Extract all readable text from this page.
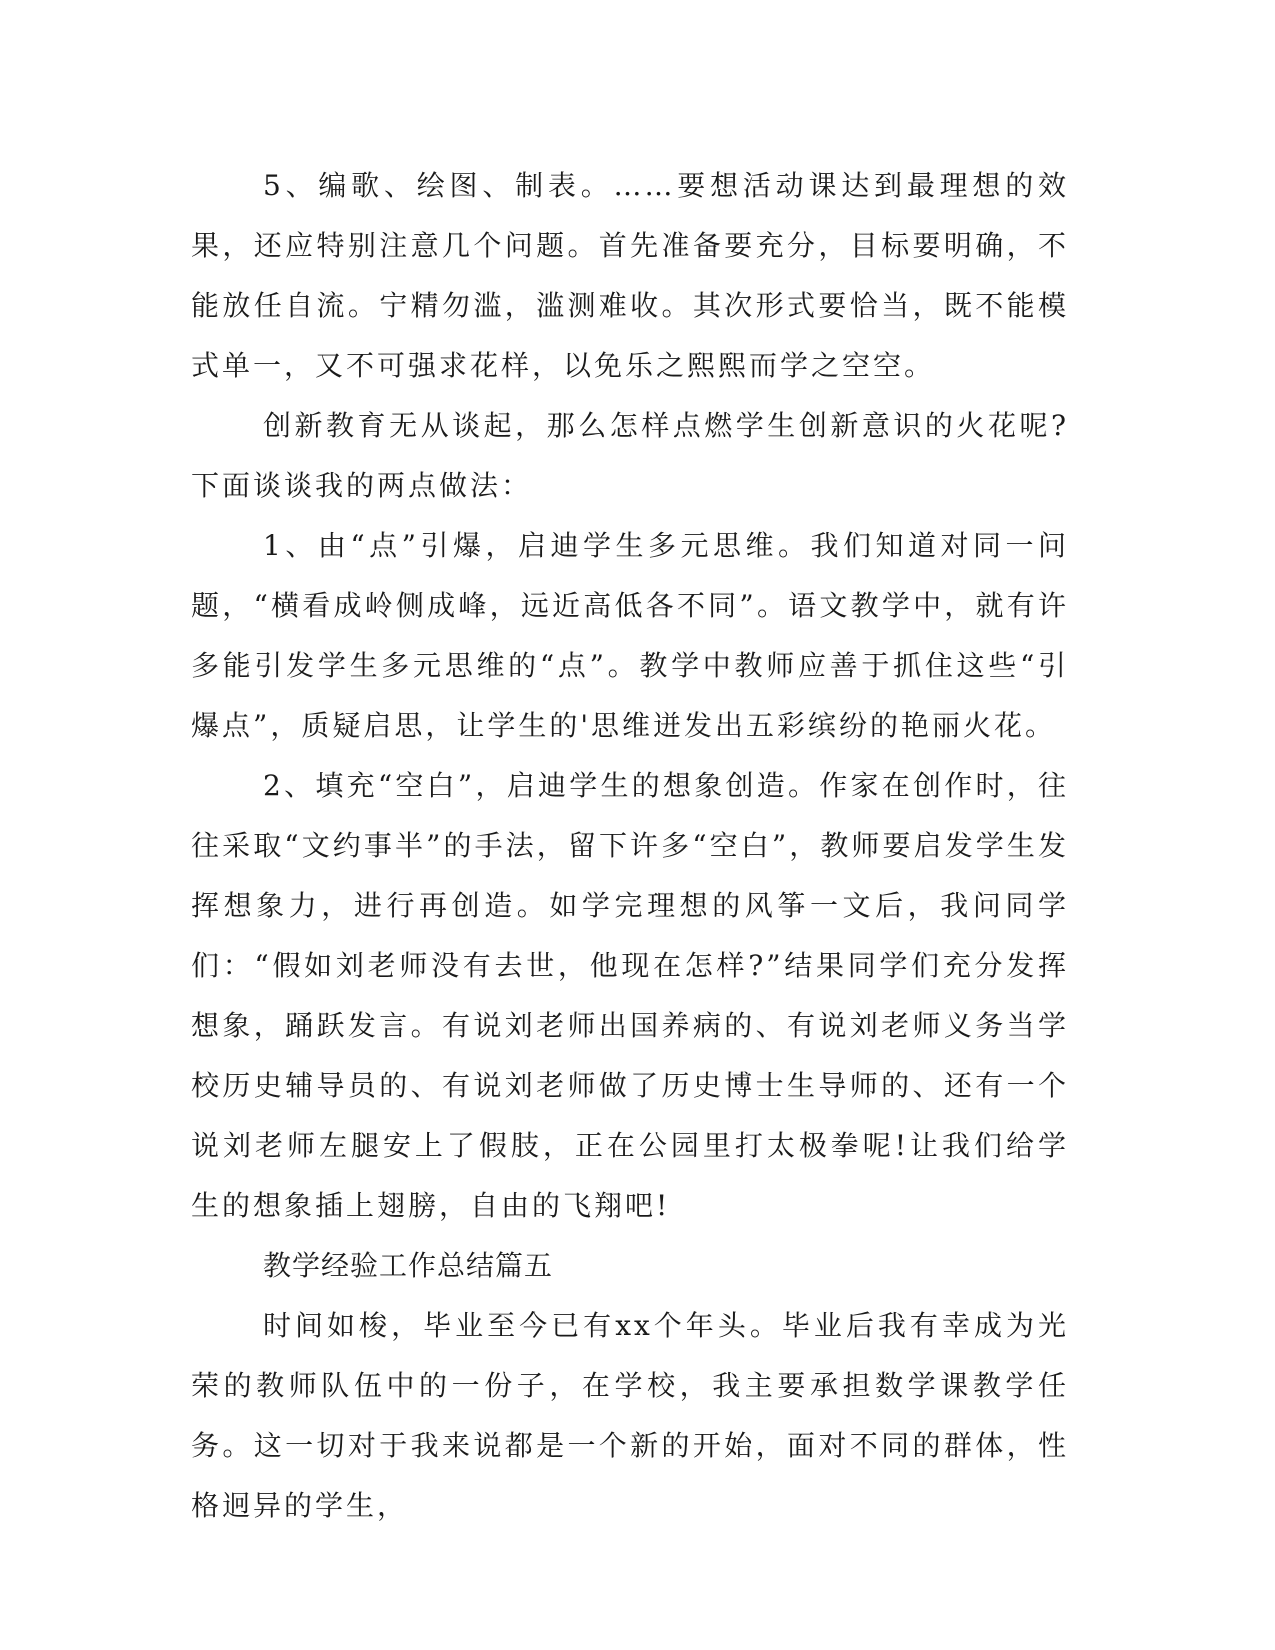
5、编歌、绘图、制表。……要想活动课达到最理想的效果，还应特别注意几个问题。首先准备要充分，目标要明确，不能放任自流。宁精勿滥，滥测难收。其次形式要恰当，既不能模式单一，又不可强求花样，以免乐之熙熙而学之空空。

创新教育无从谈起，那么怎样点燃学生创新意识的火花呢?下面谈谈我的两点做法：

1、由“点”引爆，启迪学生多元思维。我们知道对同一问题，“横看成岭侧成峰，远近高低各不同”。语文教学中，就有许多能引发学生多元思维的“点”。教学中教师应善于抓住这些“引爆点”，质疑启思，让学生的'思维迸发出五彩缤纷的艳丽火花。

2、填充“空白”，启迪学生的想象创造。作家在创作时，往往采取“文约事半”的手法，留下许多“空白”，教师要启发学生发挥想象力，进行再创造。如学完理想的风筝一文后，我问同学们：“假如刘老师没有去世，他现在怎样?”结果同学们充分发挥想象，踊跃发言。有说刘老师出国养病的、有说刘老师义务当学校历史辅导员的、有说刘老师做了历史博士生导师的、还有一个说刘老师左腿安上了假肢，正在公园里打太极拳呢!让我们给学生的想象插上翅膀，自由的飞翔吧!

教学经验工作总结篇五

时间如梭，毕业至今已有xx个年头。毕业后我有幸成为光荣的教师队伍中的一份子，在学校，我主要承担数学课教学任务。这一切对于我来说都是一个新的开始，面对不同的群体，性格迥异的学生，
